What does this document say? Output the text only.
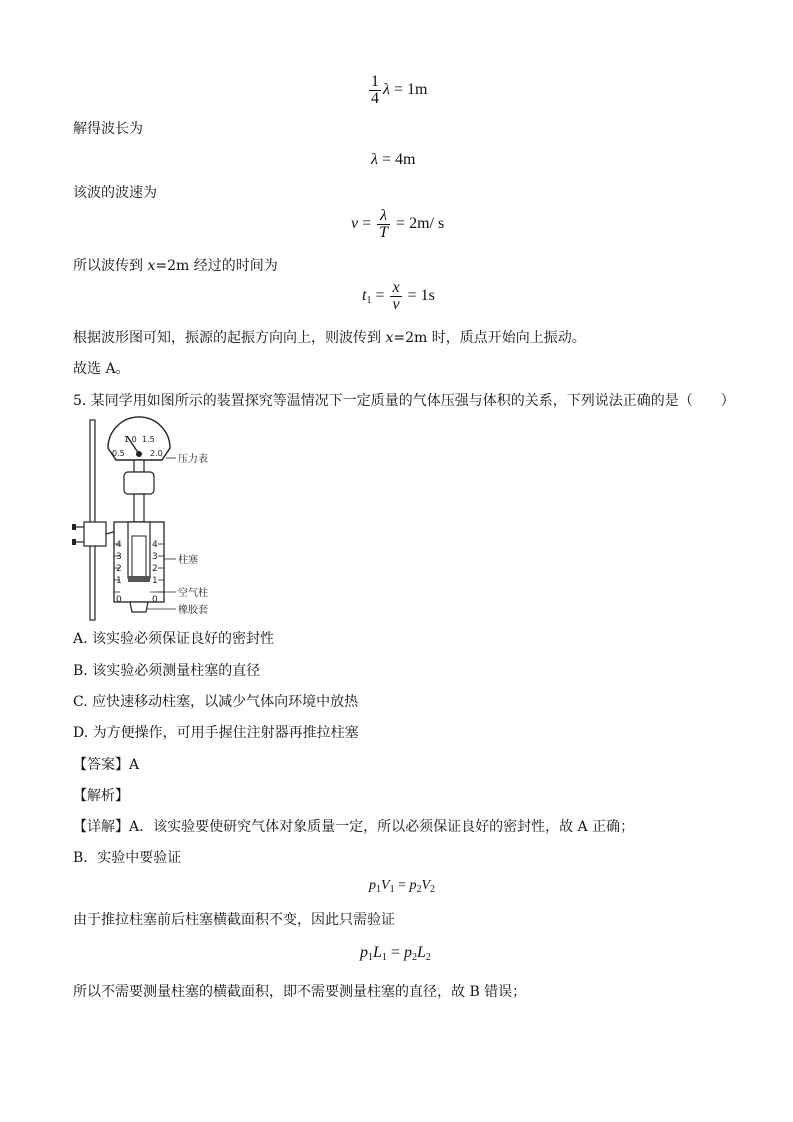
$\frac{1}{4}$ λ = 1m
解得波长为
λ = 4m
该波的波速为
$v = \frac{\lambda}{T} = 2m/$ s
所以波传到 x=2m 经过的时间为
$t_1 = \frac{x}{v} = 1s$
根据波形图可知，振源的起振方向向上，则波传到 x=2m 时，质点开始向上振动。
故选 A。
5. 某同学用如图所示的装置探究等温情况下一定质量的气体压强与体积的关系，下列说法正确的是（　　）
0.5
1.0 1.5
2.0
4
3
2
1
0
4
3
2
1
0
压力表
柱塞
空气柱
橡胶套
A. 该实验必须保证良好的密封性
B. 该实验必须测量柱塞的直径
C. 应快速移动柱塞，以减少气体向环境中放热
D. 为方便操作，可用手握住注射器再推拉柱塞
【答案】A
【解析】
【详解】A．该实验要使研究气体对象质量一定，所以必须保证良好的密封性，故 A 正确；
B．实验中要验证
$p_1V_1 = p_2V_2$
由于推拉柱塞前后柱塞横截面积不变，因此只需验证
$p_1L_1 = p_2L_2$
所以不需要测量柱塞的横截面积，即不需要测量柱塞的直径，故 B 错误；
